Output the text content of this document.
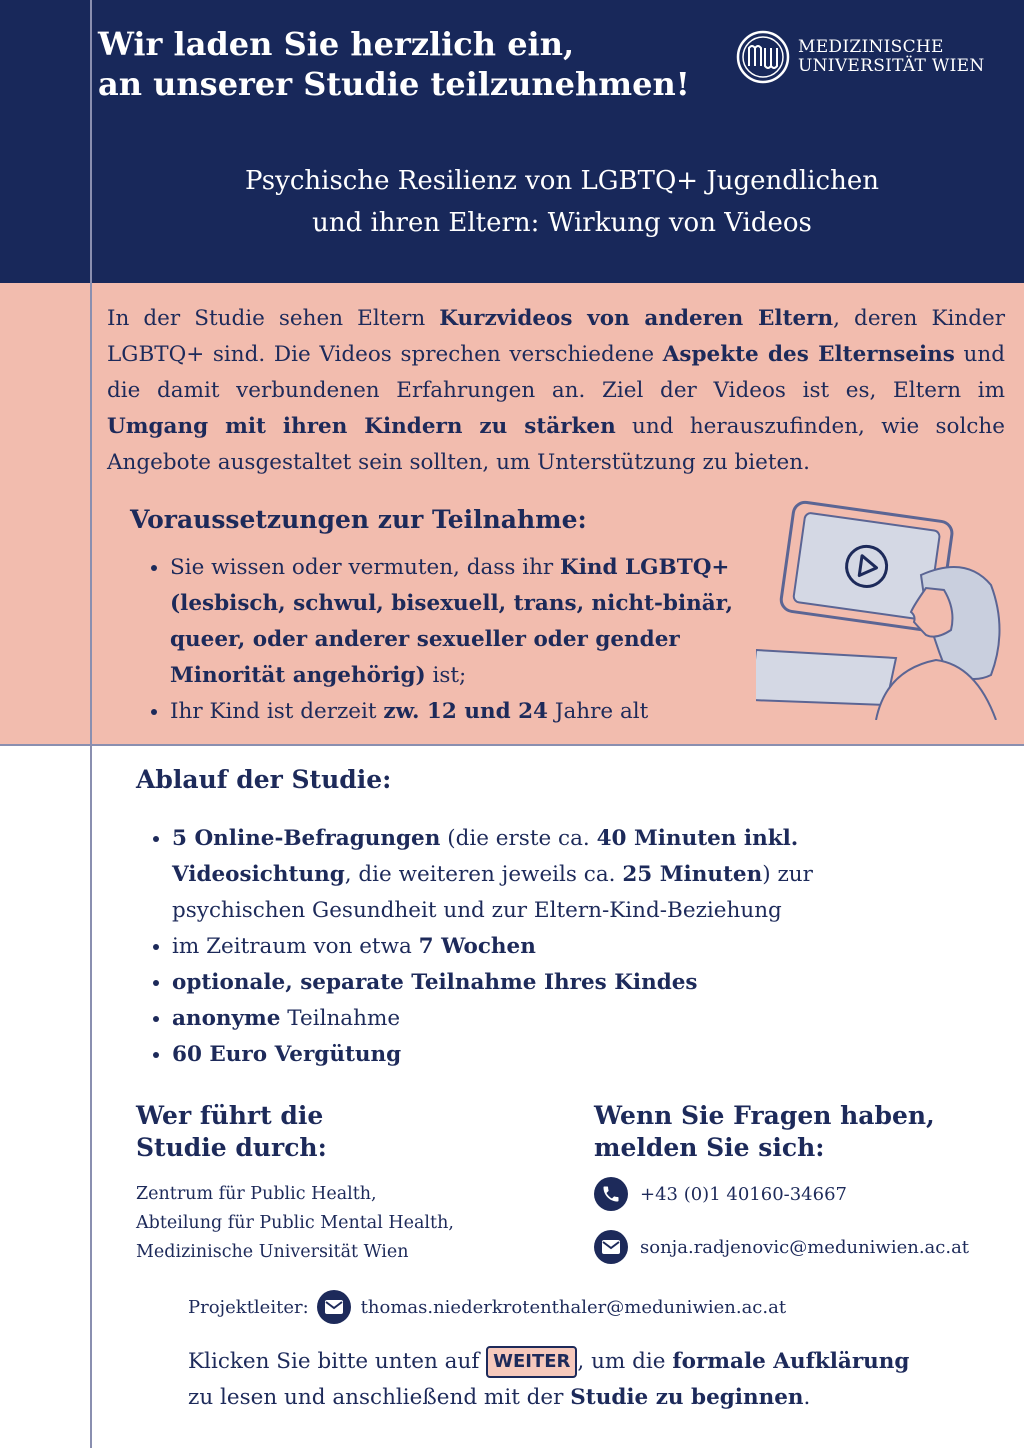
Wir laden Sie herzlich ein,
an unserer Studie teilzunehmen!
MEDIZINISCHE
UNIVERSITÄT WIEN
Psychische Resilienz von LGBTQ+ Jugendlichen
und ihren Eltern: Wirkung von Videos
In der Studie sehen Eltern Kurzvideos von anderen Eltern, deren Kinder LGBTQ+ sind. Die Videos sprechen verschiedene Aspekte des Elternseins und die damit verbundenen Erfahrungen an. Ziel der Videos ist es, Eltern im Umgang mit ihren Kindern zu stärken und herauszufinden, wie solche Angebote ausgestaltet sein sollten, um Unterstützung zu bieten.
Voraussetzungen zur Teilnahme:
• Sie wissen oder vermuten, dass ihr Kind LGBTQ+ (lesbisch, schwul, bisexuell, trans, nicht-binär, queer, oder anderer sexueller oder gender Minorität angehörig) ist;
• Ihr Kind ist derzeit zw. 12 und 24 Jahre alt
Ablauf der Studie:
• 5 Online-Befragungen (die erste ca. 40 Minuten inkl. Videosichtung, die weiteren jeweils ca. 25 Minuten) zur psychischen Gesundheit und zur Eltern-Kind-Beziehung
• im Zeitraum von etwa 7 Wochen
• optionale, separate Teilnahme Ihres Kindes
• anonyme Teilnahme
• 60 Euro Vergütung
Wer führt die
Studie durch:
Zentrum für Public Health,
Abteilung für Public Mental Health,
Medizinische Universität Wien
Wenn Sie Fragen haben,
melden Sie sich:
+43 (0)1 40160-34667
sonja.radjenovic@meduniwien.ac.at
Projektleiter:	thomas.niederkrotenthaler@meduniwien.ac.at
Klicken Sie bitte unten auf WEITER , um die formale Aufklärung
zu lesen und anschließend mit der Studie zu beginnen.
